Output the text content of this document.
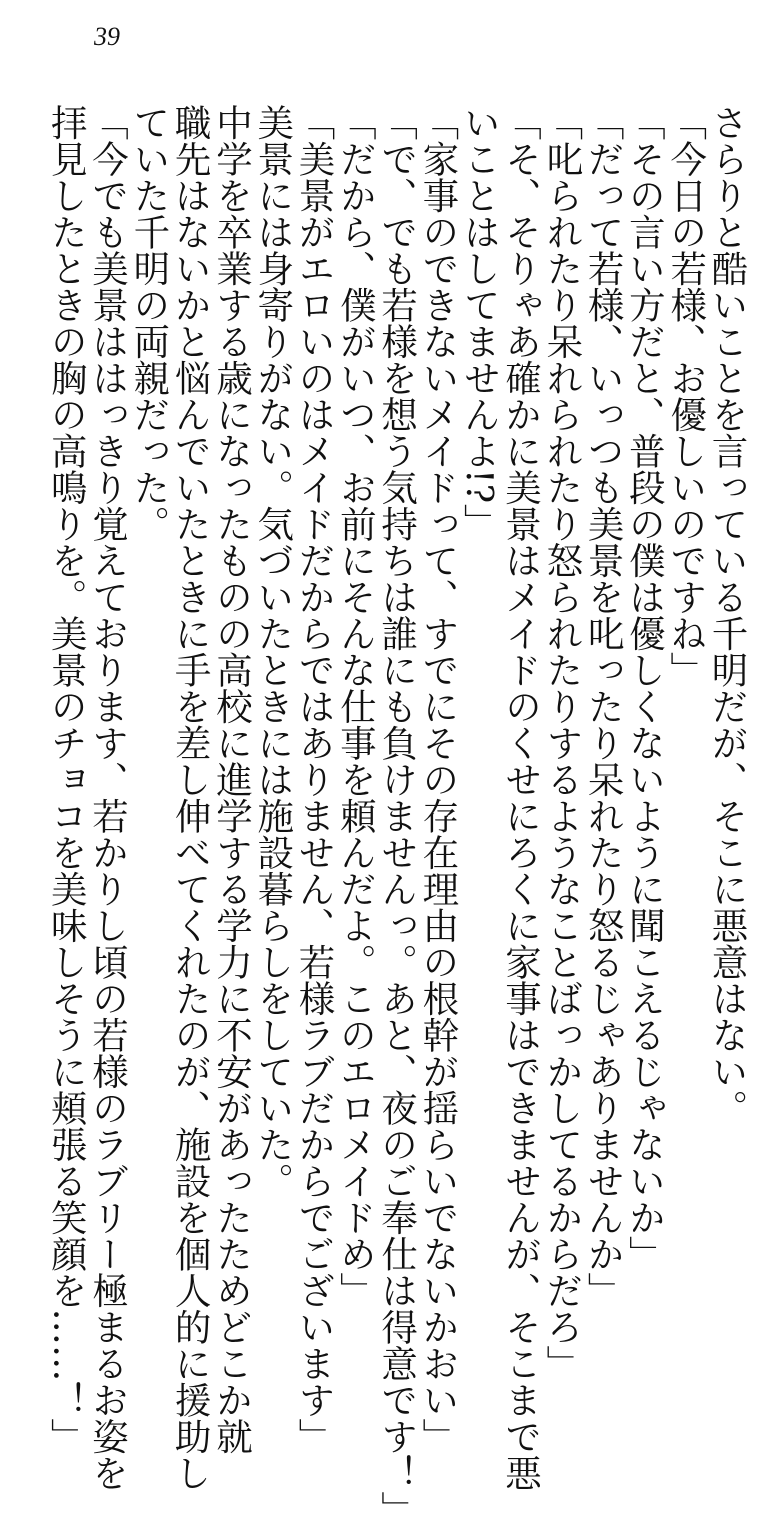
39
さらりと酷いことを言っている千明だが、そこに悪意はない。
「今日の若様、お優しいのですね」
「その言い方だと、普段の僕は優しくないように聞こえるじゃないか」
「だって若様、いっつも美景を叱ったり呆れたり怒るじゃありませんか」
「叱られたり呆れられたり怒られたりするようなことばっかしてるからだろ」
「そ、そりゃあ確かに美景はメイドのくせにろくに家事はできませんが、そこまで悪
いことはしてませんよ!?」
「家事のできないメイドって、すでにその存在理由の根幹が揺らいでないかおい」
「で、でも若様を想う気持ちは誰にも負けませんっ。あと、夜のご奉仕は得意です！」
「だから、僕がいつ、お前にそんな仕事を頼んだよ。このエロメイドめ」
「美景がエロいのはメイドだからではありません、若様ラブだからでございます」
美景には身寄りがない。気づいたときには施設暮らしをしていた。
中学を卒業する歳になったものの高校に進学する学力に不安があったためどこか就
職先はないかと悩んでいたときに手を差し伸べてくれたのが、施設を個人的に援助し
ていた千明の両親だった。
「今でも美景ははっきり覚えております、若かりし頃の若様のラブリー極まるお姿を
拝見したときの胸の高鳴りを。美景のチョコを美味しそうに頬張る笑顔を……！」
